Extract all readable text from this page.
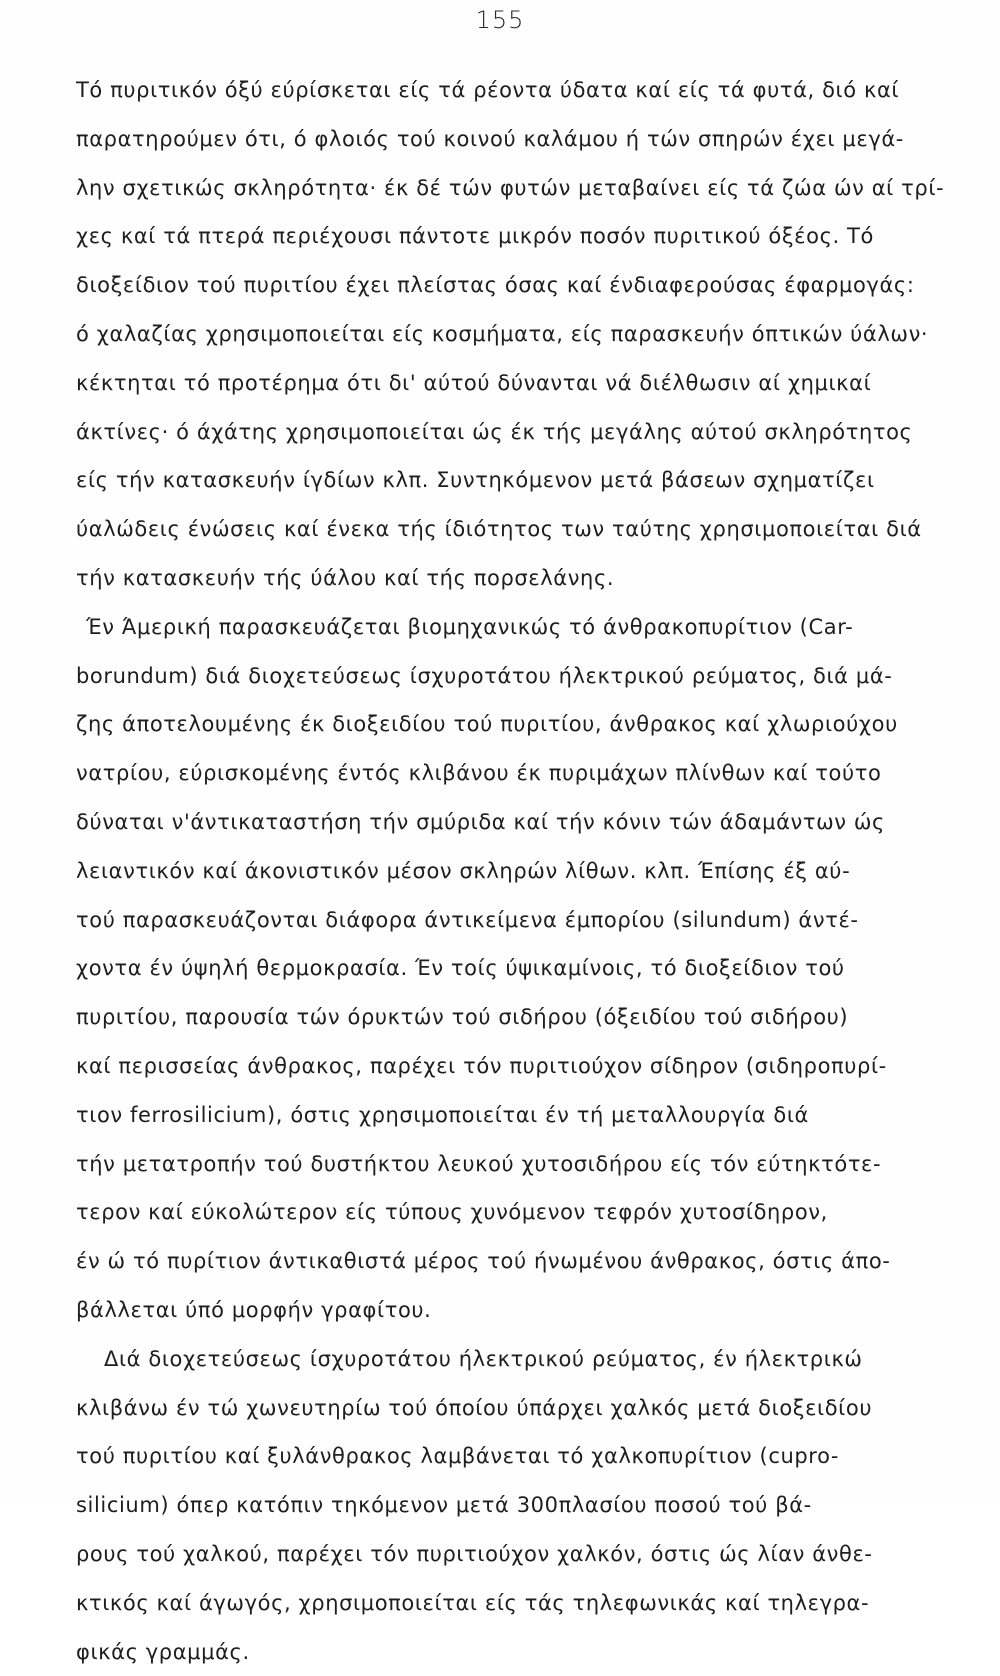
155
Τό πυριτικόν όξύ εύρίσκεται είς τά ρέοντα ύδατα καί είς τά φυτά, διό καί
παρατηρούμεν ότι, ό φλοιός τού κοινού καλάμου ή τών σπηρών έχει μεγά-
λην σχετικώς σκληρότητα· έκ δέ τών φυτών μεταβαίνει είς τά ζώα ών αί τρί-
χες καί τά πτερά περιέχουσι πάντοτε μικρόν ποσόν πυριτικού όξέος. Τό
διοξείδιον τού πυριτίου έχει πλείστας όσας καί ένδιαφερούσας έφαρμογάς:
ό χαλαζίας χρησιμοποιείται είς κοσμήματα, είς παρασκευήν όπτικών ύάλων·
κέκτηται τό προτέρημα ότι δι' αύτού δύνανται νά διέλθωσιν αί χημικαί
άκτίνες· ό άχάτης χρησιμοποιείται ώς έκ τής μεγάλης αύτού σκληρότητος
είς τήν κατασκευήν ίγδίων κλπ. Συντηκόμενον μετά βάσεων σχηματίζει
ύαλώδεις ένώσεις καί ένεκα τής ίδιότητος των ταύτης χρησιμοποιείται διά
τήν κατασκευήν τής ύάλου καί τής πορσελάνης.
Έν Άμερική παρασκευάζεται βιομηχανικώς τό άνθρακοπυρίτιον (Car-
borundum) διά διοχετεύσεως ίσχυροτάτου ήλεκτρικού ρεύματος, διά μά-
ζης άποτελουμένης έκ διοξειδίου τού πυριτίου, άνθρακος καί χλωριούχου
νατρίου, εύρισκομένης έντός κλιβάνου έκ πυριμάχων πλίνθων καί τούτο
δύναται ν'άντικαταστήση τήν σμύριδα καί τήν κόνιν τών άδαμάντων ώς
λειαντικόν καί άκονιστικόν μέσον σκληρών λίθων. κλπ. Έπίσης έξ αύ-
τού παρασκευάζονται διάφορα άντικείμενα έμπορίου (silundum) άντέ-
χοντα έν ύψηλή θερμοκρασία. Έν τοίς ύψικαμίνοις, τό διοξείδιον τού
πυριτίου, παρουσία τών όρυκτών τού σιδήρου (όξειδίου τού σιδήρου)
καί περισσείας άνθρακος, παρέχει τόν πυριτιούχον σίδηρον (σιδηροπυρί-
τιον ferrosilicium), όστις χρησιμοποιείται έν τή μεταλλουργία διά
τήν μετατροπήν τού δυστήκτου λευκού χυτοσιδήρου είς τόν εύτηκτότε-
τερον καί εύκολώτερον είς τύπους χυνόμενον τεφρόν χυτοσίδηρον,
έν ώ τό πυρίτιον άντικαθιστά μέρος τού ήνωμένου άνθρακος, όστις άπο-
βάλλεται ύπό μορφήν γραφίτου.
Διά διοχετεύσεως ίσχυροτάτου ήλεκτρικού ρεύματος, έν ήλεκτρικώ
κλιβάνω έν τώ χωνευτηρίω τού όποίου ύπάρχει χαλκός μετά διοξειδίου
τού πυριτίου καί ξυλάνθρακος λαμβάνεται τό χαλκοπυρίτιον (cupro-
silicium) όπερ κατόπιν τηκόμενον μετά 300πλασίου ποσού τού βά-
ρους τού χαλκού, παρέχει τόν πυριτιούχον χαλκόν, όστις ώς λίαν άνθε-
κτικός καί άγωγός, χρησιμοποιείται είς τάς τηλεφωνικάς καί τηλεγρα-
φικάς γραμμάς.
